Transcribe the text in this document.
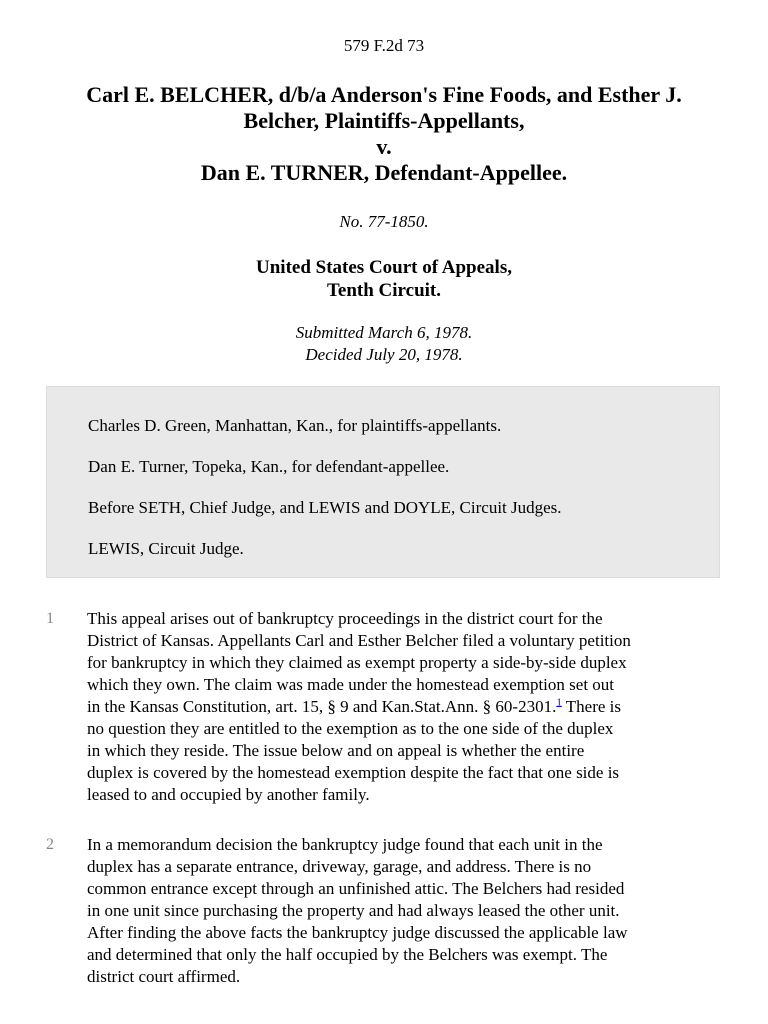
579 F.2d 73
Carl E. BELCHER, d/b/a Anderson's Fine Foods, and Esther J.
Belcher, Plaintiffs-Appellants,
v.
Dan E. TURNER, Defendant-Appellee.
No. 77-1850.
United States Court of Appeals,
Tenth Circuit.
Submitted March 6, 1978.
Decided July 20, 1978.
Charles D. Green, Manhattan, Kan., for plaintiffs-appellants.
Dan E. Turner, Topeka, Kan., for defendant-appellee.
Before SETH, Chief Judge, and LEWIS and DOYLE, Circuit Judges.
LEWIS, Circuit Judge.
1 This appeal arises out of bankruptcy proceedings in the district court for the
District of Kansas. Appellants Carl and Esther Belcher filed a voluntary petition
for bankruptcy in which they claimed as exempt property a side-by-side duplex
which they own. The claim was made under the homestead exemption set out
in the Kansas Constitution, art. 15, § 9 and Kan.Stat.Ann. § 60-2301.$^1$ There is
no question they are entitled to the exemption as to the one side of the duplex
in which they reside. The issue below and on appeal is whether the entire
duplex is covered by the homestead exemption despite the fact that one side is
leased to and occupied by another family.
2 In a memorandum decision the bankruptcy judge found that each unit in the
duplex has a separate entrance, driveway, garage, and address. There is no
common entrance except through an unfinished attic. The Belchers had resided
in one unit since purchasing the property and had always leased the other unit.
After finding the above facts the bankruptcy judge discussed the applicable law
and determined that only the half occupied by the Belchers was exempt. The
district court affirmed.
